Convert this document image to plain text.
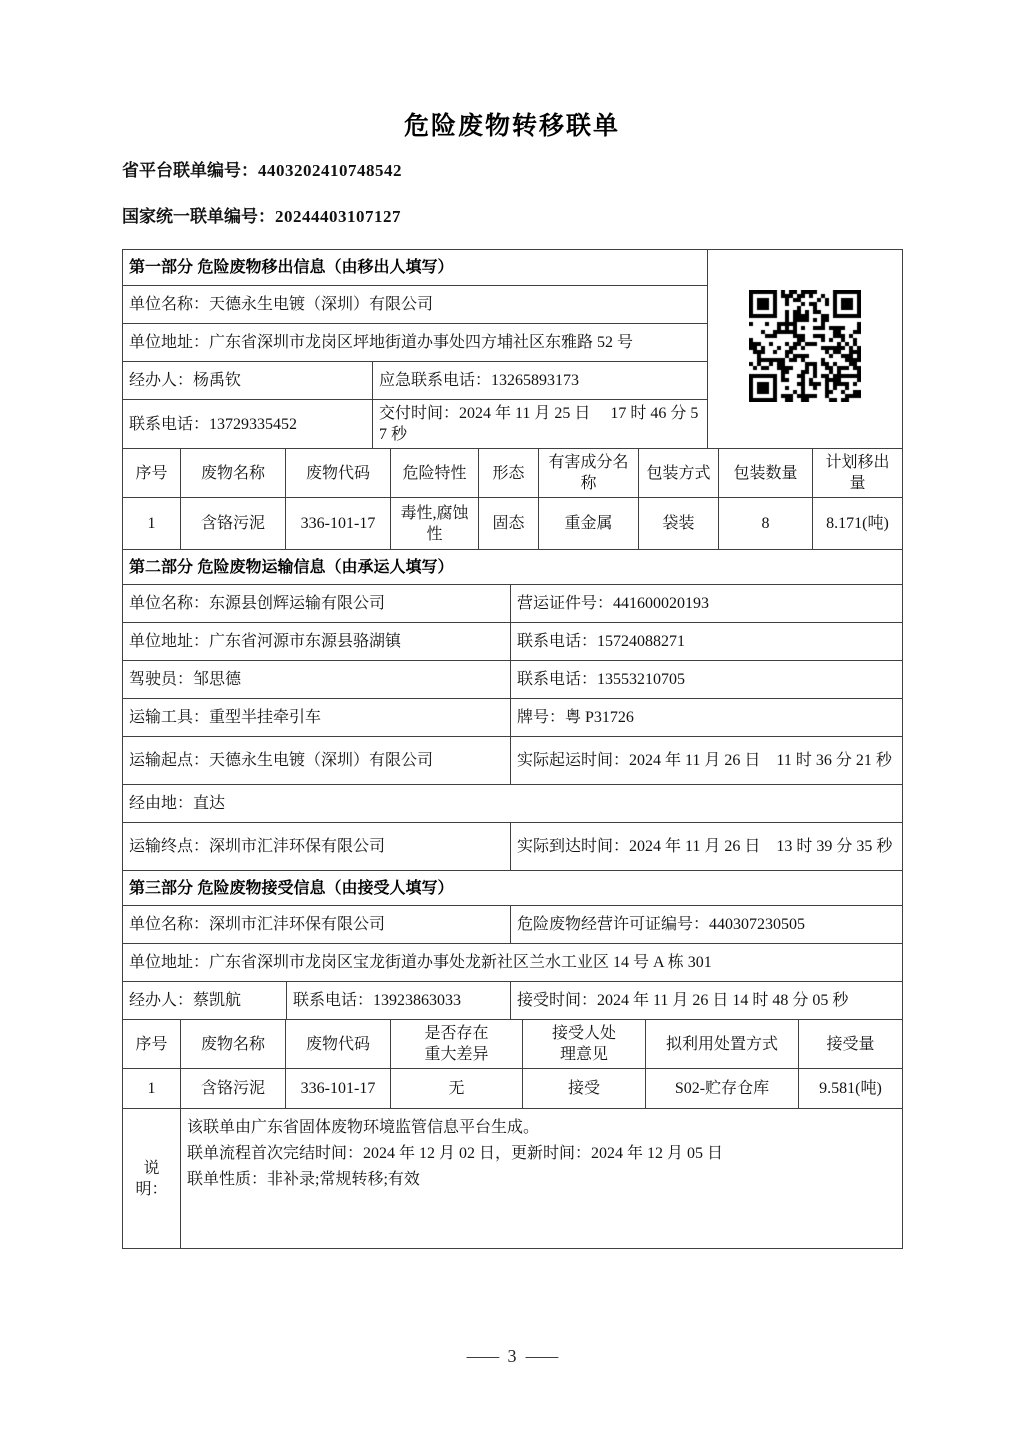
危险废物转移联单
省平台联单编号：4403202410748542
国家统一联单编号：20244403107127
第一部分 危险废物移出信息（由移出人填写）	
单位名称：天德永生电镀（深圳）有限公司		
单位地址：广东省深圳市龙岗区坪地街道办事处四方埔社区东雅路 52 号		
经办人：杨禹钦	应急联系电话：13265893173	
联系电话：13729335452	交付时间：2024 年 11 月 25 日　 17 时 46 分 57 秒	
序号	废物名称	废物代码	危险特性	形态	有害成分名称	包装方式	包装数量	计划移出量
1	含铬污泥	336-101-17	毒性,腐蚀性	固态	重金属	袋装	8	8.171(吨)
第二部分 危险废物运输信息（由承运人填写）	
单位名称：东源县创辉运输有限公司	营运证件号：441600020193
单位地址：广东省河源市东源县骆湖镇	联系电话：15724088271
驾驶员：邹思德	联系电话：13553210705
运输工具：重型半挂牵引车	牌号：粤 P31726
运输起点：天德永生电镀（深圳）有限公司	实际起运时间：2024 年 11 月 26 日　11 时 36 分 21 秒
经由地：直达	
运输终点：深圳市汇沣环保有限公司	实际到达时间：2024 年 11 月 26 日　13 时 39 分 35 秒
第三部分 危险废物接受信息（由接受人填写）		
单位名称：深圳市汇沣环保有限公司		危险废物经营许可证编号：440307230505
单位地址：广东省深圳市龙岗区宝龙街道办事处龙新社区兰水工业区 14 号 A 栋 301		
经办人：蔡凯航	联系电话：13923863033	接受时间：2024 年 11 月 26 日 14 时 48 分 05 秒
序号	废物名称	废物代码	是否存在重大差异	接受人处理意见	拟利用处置方式	接受量
1	含铬污泥	336-101-17	无	接受	S02-贮存仓库	9.581(吨)
说明：	
该联单由广东省固体废物环境监管信息平台生成。
联单流程首次完结时间：2024 年 12 月 02 日，更新时间：2024 年 12 月 05 日
联单性质：非补录;常规转移;有效
— 3 —
